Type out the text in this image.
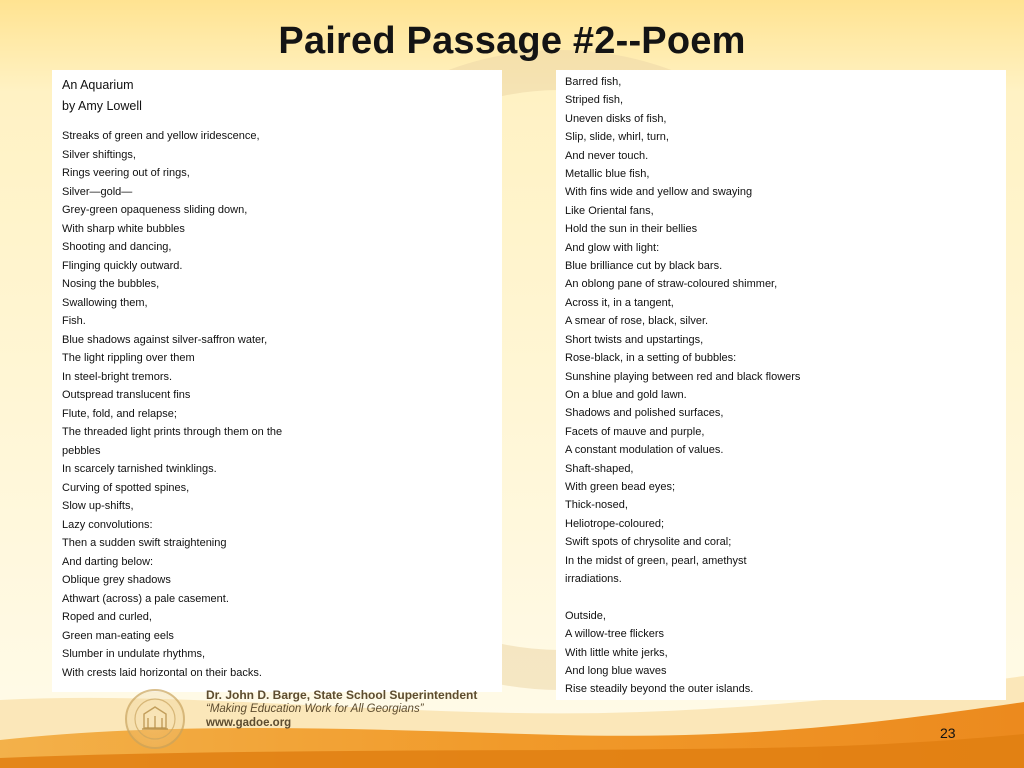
Paired Passage #2--Poem
An Aquarium
by Amy Lowell
Streaks of green and yellow iridescence,
Silver shiftings,
Rings veering out of rings,
Silver—gold—
Grey-green opaqueness sliding down,
With sharp white bubbles
Shooting and dancing,
Flinging quickly outward.
Nosing the bubbles,
Swallowing them,
Fish.
Blue shadows against silver-saffron water,
The light rippling over them
In steel-bright tremors.
Outspread translucent fins
Flute, fold, and relapse;
The threaded light prints through them on the pebbles
In scarcely tarnished twinklings.
Curving of spotted spines,
Slow up-shifts,
Lazy convolutions:
Then a sudden swift straightening
And darting below:
Oblique grey shadows
Athwart (across) a pale casement.
Roped and curled,
Green man-eating eels
Slumber in undulate rhythms,
With crests laid horizontal on their backs.
Barred fish,
Striped fish,
Uneven disks of fish,
Slip, slide, whirl, turn,
And never touch.
Metallic blue fish,
With fins wide and yellow and swaying
Like Oriental fans,
Hold the sun in their bellies
And glow with light:
Blue brilliance cut by black bars.
An oblong pane of straw-coloured shimmer,
Across it, in a tangent,
A smear of rose, black, silver.
Short twists and upstartings,
Rose-black, in a setting of bubbles:
Sunshine playing between red and black flowers
On a blue and gold lawn.
Shadows and polished surfaces,
Facets of mauve and purple,
A constant modulation of values.
Shaft-shaped,
With green bead eyes;
Thick-nosed,
Heliotrope-coloured;
Swift spots of chrysolite and coral;
In the midst of green, pearl, amethyst
irradiations.
Outside,
A willow-tree flickers
With little white jerks,
And long blue waves
Rise steadily beyond the outer islands.
Dr. John D. Barge, State School Superintendent
“Making Education Work for All Georgians”
www.gadoe.org
23
